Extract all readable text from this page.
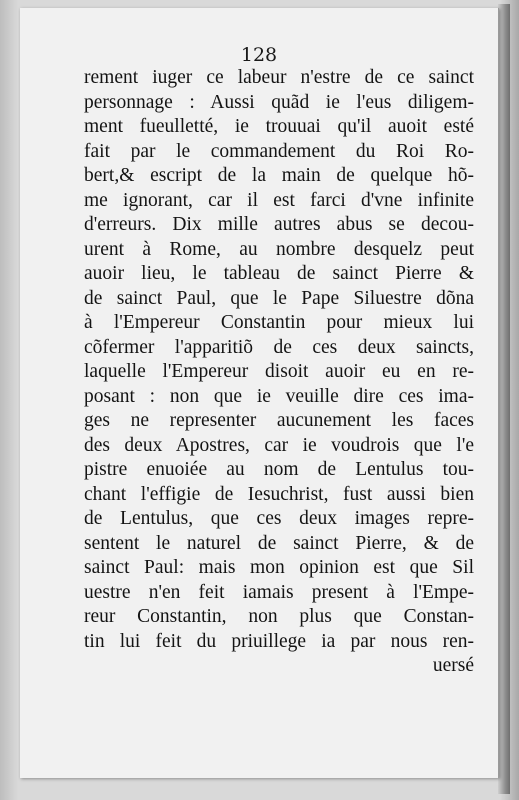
128

rement iuger ce labeur n'estre de ce sainct
personnage : Aussi quãd ie l'eus diligem-
ment fueulletté, ie trouuai qu'il auoit esté
fait par le commandement du Roi Ro-
bert,& escript de la main de quelque hõ-
me ignorant, car il est farci d'vne infinite
d'erreurs. Dix mille autres abus se decou-
urent à Rome, au nombre desquelz peut
auoir lieu, le tableau de sainct Pierre &
de sainct Paul, que le Pape Siluestre dõna
à l'Empereur Constantin pour mieux lui
cõfermer l'apparitiõ de ces deux saincts,
laquelle l'Empereur disoit auoir eu en re-
posant : non que ie veuille dire ces ima-
ges ne representer aucunement les faces
des deux Apostres, car ie voudrois que l'e
pistre enuoiée au nom de Lentulus tou-
chant l'effigie de Iesuchrist, fust aussi bien
de Lentulus, que ces deux images repre-
sentent le naturel de sainct Pierre, & de
sainct Paul: mais mon opinion est que Sil
uestre n'en feit iamais present à l'Empe-
reur Constantin, non plus que Constan-
tin lui feit du priuillege ia par nous ren-
uersé
